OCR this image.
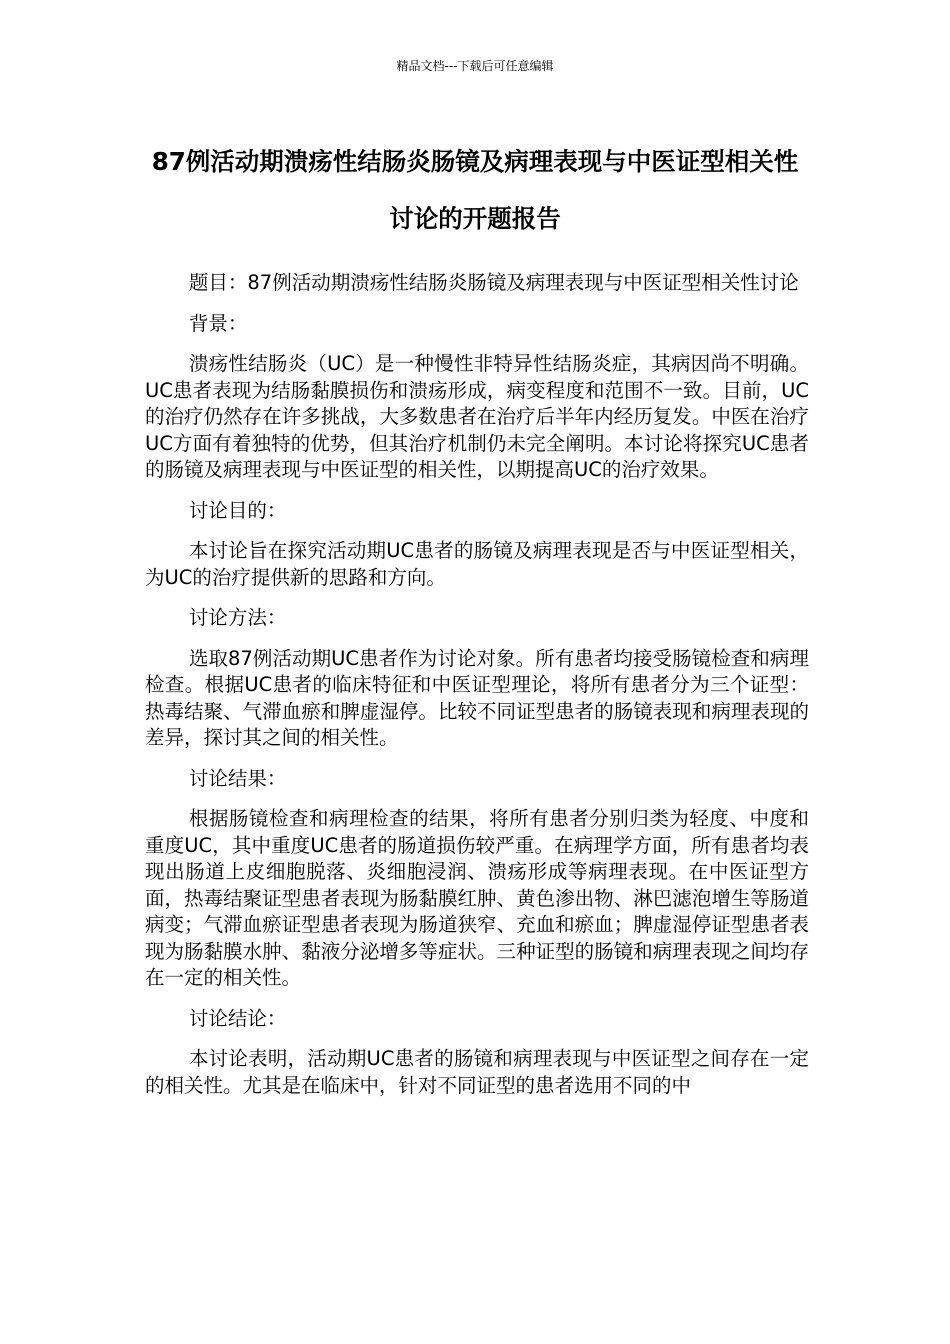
精品文档---下载后可任意编辑
87例活动期溃疡性结肠炎肠镜及病理表现与中医证型相关性讨论的开题报告

题目：87例活动期溃疡性结肠炎肠镜及病理表现与中医证型相关性讨论

背景：

溃疡性结肠炎（UC）是一种慢性非特异性结肠炎症，其病因尚不明确。UC患者表现为结肠黏膜损伤和溃疡形成，病变程度和范围不一致。目前，UC的治疗仍然存在许多挑战，大多数患者在治疗后半年内经历复发。中医在治疗UC方面有着独特的优势，但其治疗机制仍未完全阐明。本讨论将探究UC患者的肠镜及病理表现与中医证型的相关性，以期提高UC的治疗效果。

讨论目的：

本讨论旨在探究活动期UC患者的肠镜及病理表现是否与中医证型相关，为UC的治疗提供新的思路和方向。

讨论方法：

选取87例活动期UC患者作为讨论对象。所有患者均接受肠镜检查和病理检查。根据UC患者的临床特征和中医证型理论，将所有患者分为三个证型：热毒结聚、气滞血瘀和脾虚湿停。比较不同证型患者的肠镜表现和病理表现的差异，探讨其之间的相关性。

讨论结果：

根据肠镜检查和病理检查的结果，将所有患者分别归类为轻度、中度和重度UC，其中重度UC患者的肠道损伤较严重。在病理学方面，所有患者均表现出肠道上皮细胞脱落、炎细胞浸润、溃疡形成等病理表现。在中医证型方面，热毒结聚证型患者表现为肠黏膜红肿、黄色渗出物、淋巴滤泡增生等肠道病变；气滞血瘀证型患者表现为肠道狭窄、充血和瘀血；脾虚湿停证型患者表现为肠黏膜水肿、黏液分泌增多等症状。三种证型的肠镜和病理表现之间均存在一定的相关性。

讨论结论：

本讨论表明，活动期UC患者的肠镜和病理表现与中医证型之间存在一定的相关性。尤其是在临床中，针对不同证型的患者选用不同的中
